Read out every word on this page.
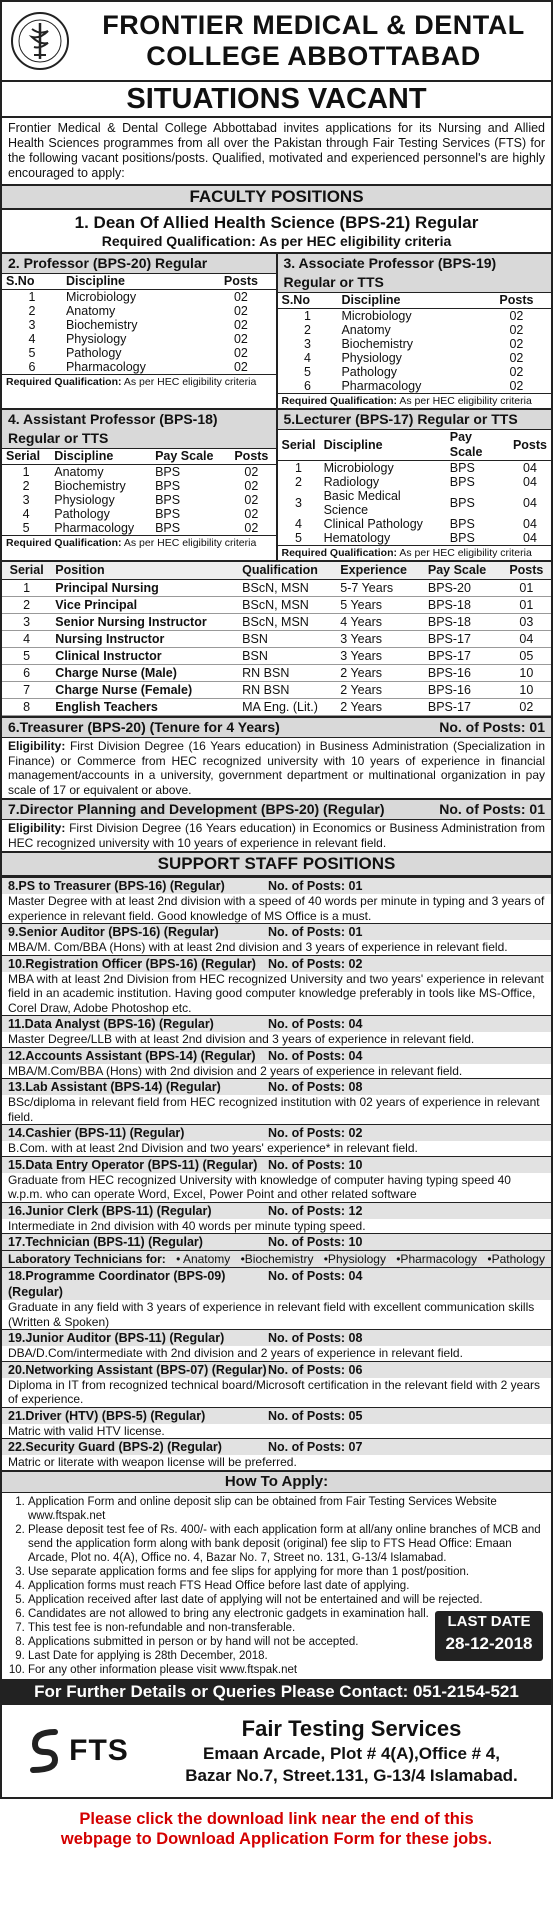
FRONTIER MEDICAL & DENTAL
COLLEGE ABBOTTABAD
SITUATIONS VACANT
Frontier Medical & Dental College Abbottabad invites applications for its Nursing and Allied Health Sciences programmes from all over the Pakistan through Fair Testing Services (FTS) for the following vacant positions/posts. Qualified, motivated and experienced personnel's are highly encouraged to apply:
FACULTY POSITIONS
1. Dean Of Allied Health Science (BPS-21) Regular
Required Qualification: As per HEC eligibility criteria
2. Professor (BPS-20) Regular
S.No	Discipline	Posts
1	Microbiology	02
2	Anatomy	02
3	Biochemistry	02
4	Physiology	02
5	Pathology	02
6	Pharmacology	02
Required Qualification: As per HEC eligibility criteria
3. Associate Professor (BPS-19) Regular or TTS
S.No	Discipline	Posts
1	Microbiology	02
2	Anatomy	02
3	Biochemistry	02
4	Physiology	02
5	Pathology	02
6	Pharmacology	02
Required Qualification: As per HEC eligibility criteria
4. Assistant Professor (BPS-18) Regular or TTS
Serial	Discipline	Pay Scale	Posts
1	Anatomy	BPS	02
2	Biochemistry	BPS	02
3	Physiology	BPS	02
4	Pathology	BPS	02
5	Pharmacology	BPS	02
Required Qualification: As per HEC eligibility criteria
5.Lecturer (BPS-17) Regular or TTS
Serial	Discipline	Pay Scale	Posts
1	Microbiology	BPS	04
2	Radiology	BPS	04
3	Basic Medical Science	BPS	04
4	Clinical Pathology	BPS	04
5	Hematology	BPS	04
Required Qualification: As per HEC eligibility criteria
Serial	Position	Qualification	Experience	Pay Scale	Posts
1	Principal Nursing	BScN, MSN	5-7 Years	BPS-20	01
2	Vice Principal	BScN, MSN	5 Years	BPS-18	01
3	Senior Nursing Instructor	BScN, MSN	4 Years	BPS-18	03
4	Nursing Instructor	BSN	3 Years	BPS-17	04
5	Clinical Instructor	BSN	3 Years	BPS-17	05
6	Charge Nurse (Male)	RN BSN	2 Years	BPS-16	10
7	Charge Nurse (Female)	RN BSN	2 Years	BPS-16	10
8	English Teachers	MA Eng. (Lit.)	2 Years	BPS-17	02
6.Treasurer (BPS-20) (Tenure for 4 Years)	No. of Posts: 01
Eligibility: First Division Degree (16 Years education) in Business Administration (Specialization in Finance) or Commerce from HEC recognized university with 10 years of experience in financial management/accounts in a university, government department or multinational organization in pay scale of 17 or equivalent or above.
7.Director Planning and Development (BPS-20) (Regular)	No. of Posts: 01
Eligibility: First Division Degree (16 Years education) in Economics or Business Administration from HEC recognized university with 10 years of experience in relevant field.
SUPPORT STAFF POSITIONS
8.PS to Treasurer (BPS-16) (Regular)	No. of Posts: 01
Master Degree with at least 2nd division with a speed of 40 words per minute in typing and 3 years of experience in relevant field. Good knowledge of MS Office is a must.
9.Senior Auditor (BPS-16) (Regular)	No. of Posts: 01
MBA/M. Com/BBA (Hons) with at least 2nd division and 3 years of experience in relevant field.
10.Registration Officer (BPS-16) (Regular) No. of Posts: 02
MBA with at least 2nd Division from HEC recognized University and two years' experience in relevant field in an academic institution. Having good computer knowledge preferably in tools like MS-Office, Corel Draw, Adobe Photoshop etc.
11.Data Analyst (BPS-16) (Regular)	No. of Posts: 04
Master Degree/LLB with at least 2nd division and 3 years of experience in relevant field.
12.Accounts Assistant (BPS-14) (Regular) No. of Posts: 04
MBA/M.Com/BBA (Hons) with 2nd division and 2 years of experience in relevant field.
13.Lab Assistant (BPS-14) (Regular)	No. of Posts: 08
BSc/diploma in relevant field from HEC recognized institution with 02 years of experience in relevant field.
14.Cashier (BPS-11) (Regular)	No. of Posts: 02
B.Com. with at least 2nd Division and two years' experience* in relevant field.
15.Data Entry Operator (BPS-11) (Regular) No. of Posts: 10
Graduate from HEC recognized University with knowledge of computer having typing speed 40 w.p.m. who can operate Word, Excel, Power Point and other related software
16.Junior Clerk (BPS-11) (Regular)	No. of Posts: 12
Intermediate in 2nd division with 40 words per minute typing speed.
17.Technician (BPS-11) (Regular)	No. of Posts: 10
Laboratory Technicians for: • Anatomy •Biochemistry •Physiology •Pharmacology •Pathology
18.Programme Coordinator (BPS-09) (Regular)
No. of Posts: 04
Graduate in any field with 3 years of experience in relevant field with excellent communication skills (Written & Spoken)
19.Junior Auditor (BPS-11) (Regular)	No. of Posts: 08
DBA/D.Com/intermediate with 2nd division and 2 years of experience in relevant field.
20.Networking Assistant (BPS-07) (Regular) No. of Posts: 06
Diploma in IT from recognized technical board/Microsoft certification in the relevant field with 2 years of experience.
21.Driver (HTV) (BPS-5) (Regular)	No. of Posts: 05
Matric with valid HTV license.
22.Security Guard (BPS-2) (Regular)	No. of Posts: 07
Matric or literate with weapon license will be preferred.
How To Apply:
1. Application Form and online deposit slip can be obtained from Fair Testing Services Website www.ftspak.net
2. Please deposit test fee of Rs. 400/- with each application form at all/any online branches of MCB and send the application form along with bank deposit (original) fee slip to FTS Head Office: Emaan Arcade, Plot no. 4(A), Office no. 4, Bazar No. 7, Street no. 131, G-13/4 Islamabad.
3. Use separate application forms and fee slips for applying for more than 1 post/position.
4. Application forms must reach FTS Head Office before last date of applying.
5. Application received after last date of applying will not be entertained and will be rejected.
6. Candidates are not allowed to bring any electronic gadgets in examination hall.
7. This test fee is non-refundable and non-transferable.
8. Applications submitted in person or by hand will not be accepted.
9. Last Date for applying is 28th December, 2018.
10. For any other information please visit www.ftspak.net
LAST DATE
28-12-2018
For Further Details or Queries Please Contact: 051-2154-521
FTS
Fair Testing Services
Emaan Arcade, Plot # 4(A),Office # 4,
Bazar No.7, Street.131, G-13/4 Islamabad.
Please click the download link near the end of this
webpage to Download Application Form for these jobs.
